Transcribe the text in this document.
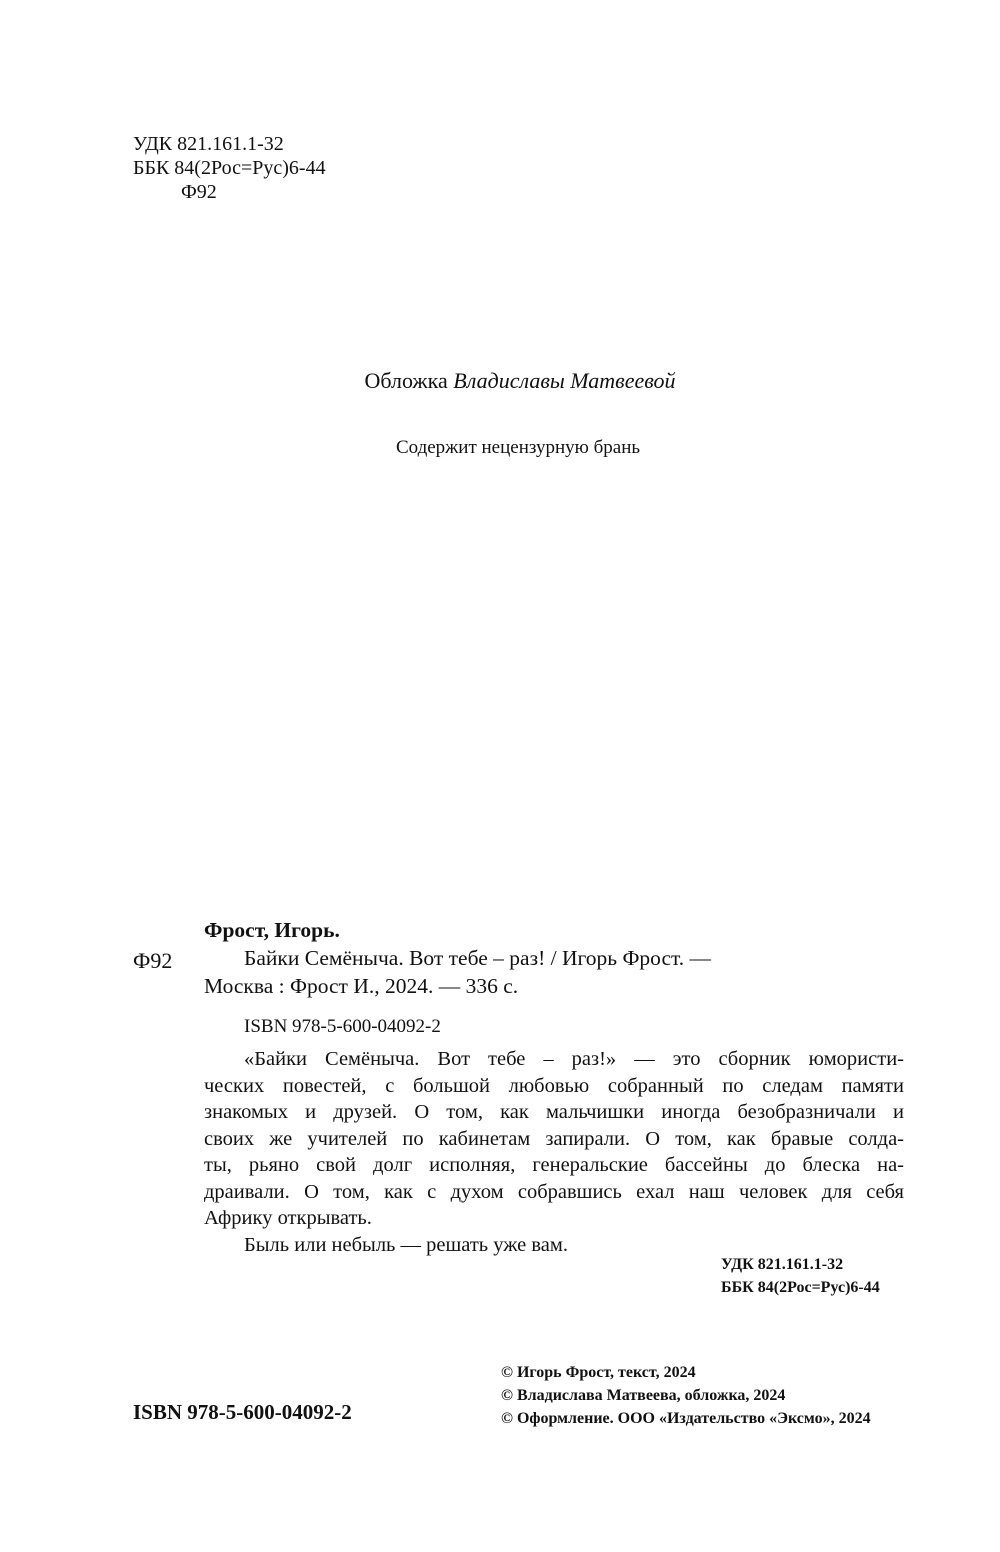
УДК 821.161.1-32
ББК 84(2Рос=Рус)6-44
Ф92
Обложка Владиславы Матвеевой
Содержит нецензурную брань
Ф92
Фрост, Игорь.
Байки Семёныча. Вот тебе – раз! / Игорь Фрост. —
Москва : Фрост И., 2024. — 336 с.
ISBN 978-5-600-04092-2
«Байки Семёныча. Вот тебе – раз!» — это сборник юмористи-
ческих повестей, с большой любовью собранный по следам памяти
знакомых и друзей. О том, как мальчишки иногда безобразничали и
своих же учителей по кабинетам запирали. О том, как бравые солда-
ты, рьяно свой долг исполняя, генеральские бассейны до блеска на-
драивали. О том, как с духом собравшись ехал наш человек для себя
Африку открывать.
Быль или небыль — решать уже вам.
УДК 821.161.1-32
ББК 84(2Рос=Рус)6-44
© Игорь Фрост, текст, 2024
© Владислава Матвеева, обложка, 2024
© Оформление. ООО «Издательство «Эксмо», 2024
ISBN 978-5-600-04092-2
